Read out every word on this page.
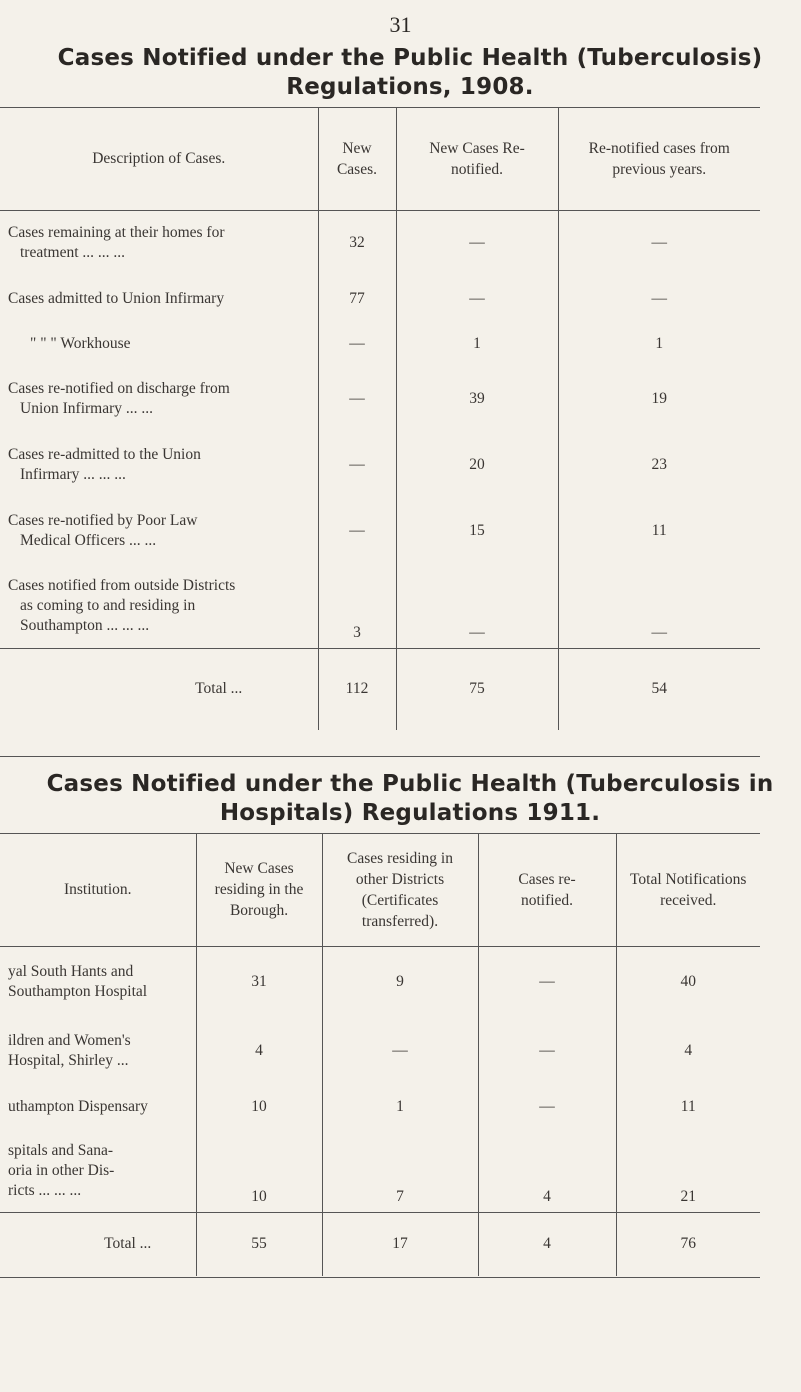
31
Cases Notified under the Public Health (Tuberculosis)
Regulations, 1908.
Description of Cases.	New Cases.	New Cases Re-notified.	Re-notified cases from previous years.
Cases remaining at their homes for
treatment ... ... ...	32	—	—
Cases admitted to Union Infirmary	77	—	—
" " " Workhouse	—	1	1
Cases re-notified on discharge from
Union Infirmary ... ...	—	39	19
Cases re-admitted to the Union
Infirmary ... ... ...	—	20	23
Cases re-notified by Poor Law
Medical Officers ... ...	—	15	11
Cases notified from outside Districts
as coming to and residing in
Southampton ... ... ...	3	—	—
Total ...	112	75	54
Cases Notified under the Public Health (Tuberculosis in
Hospitals) Regulations 1911.
Institution.	New Cases residing in the Borough.	Cases residing in other Districts (Certificates transferred).	Cases re-notified.	Total Notifications received.
yal South Hants and
Southampton Hospital	31	9	—	40
ildren and Women's
Hospital, Shirley ...	4	—	—	4
uthampton Dispensary	10	1	—	11
spitals and Sana-
oria in other Dis-
ricts ... ... ...	10	7	4	21
Total ...	55	17	4	76
